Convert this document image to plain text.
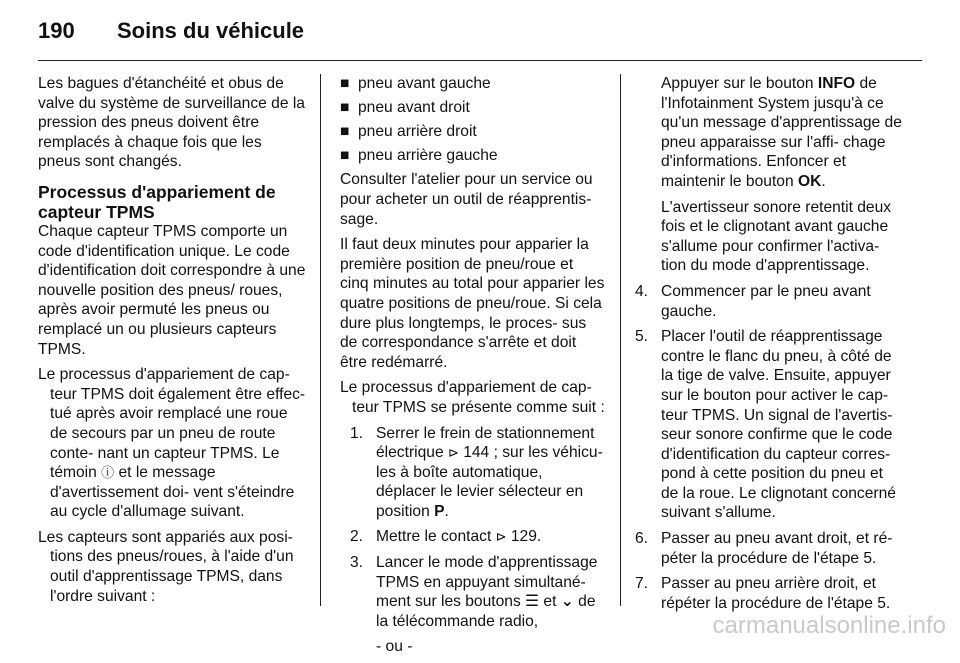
190 Soins du véhicule

Les bagues d'étanchéité et obus de valve du système de surveillance de la pression des pneus doivent être remplacés à chaque fois que les pneus sont changés.

Processus d'appariement de capteur TPMS

Chaque capteur TPMS comporte un code d'identification unique. Le code d'identification doit correspondre à une nouvelle position des pneus/ roues, après avoir permuté les pneus ou remplacé un ou plusieurs capteurs TPMS.

Le processus d'appariement de cap‐ teur TPMS doit également être effec‐ tué après avoir remplacé une roue de secours par un pneu de route conte‐ nant un capteur TPMS. Le témoin ⓘ et le message d'avertissement doi‐ vent s'éteindre au cycle d'allumage suivant.

Les capteurs sont appariés aux posi‐ tions des pneus/roues, à l'aide d'un outil d'apprentissage TPMS, dans l'ordre suivant :

■ pneu avant gauche
■ pneu avant droit
■ pneu arrière droit
■ pneu arrière gauche

Consulter l'atelier pour un service ou pour acheter un outil de réapprentis‐ sage.

Il faut deux minutes pour apparier la première position de pneu/roue et cinq minutes au total pour apparier les quatre positions de pneu/roue. Si cela dure plus longtemps, le proces‐ sus de correspondance s'arrête et doit être redémarré.

Le processus d'appariement de cap‐ teur TPMS se présente comme suit :

1. Serrer le frein de stationnement électrique ⊳ 144 ; sur les véhicu‐ les à boîte automatique, déplacer le levier sélecteur en position P.
2. Mettre le contact ⊳ 129.
3. Lancer le mode d'apprentissage TPMS en appuyant simultané‐ ment sur les boutons ☰ et ⌄ de la télécommande radio,

- ou -

Appuyer sur le bouton INFO de l'Infotainment System jusqu'à ce qu'un message d'apprentissage de pneu apparaisse sur l'affi‐ chage d'informations. Enfoncer et maintenir le bouton OK.

L'avertisseur sonore retentit deux fois et le clignotant avant gauche s'allume pour confirmer l'activa‐ tion du mode d'apprentissage.

4. Commencer par le pneu avant gauche.
5. Placer l'outil de réapprentissage contre le flanc du pneu, à côté de la tige de valve. Ensuite, appuyer sur le bouton pour activer le cap‐ teur TPMS. Un signal de l'avertis‐ seur sonore confirme que le code d'identification du capteur corres‐ pond à cette position du pneu et de la roue. Le clignotant concerné suivant s'allume.
6. Passer au pneu avant droit, et ré‐ péter la procédure de l'étape 5.
7. Passer au pneu arrière droit, et répéter la procédure de l'étape 5.
carmanualsonline.info
